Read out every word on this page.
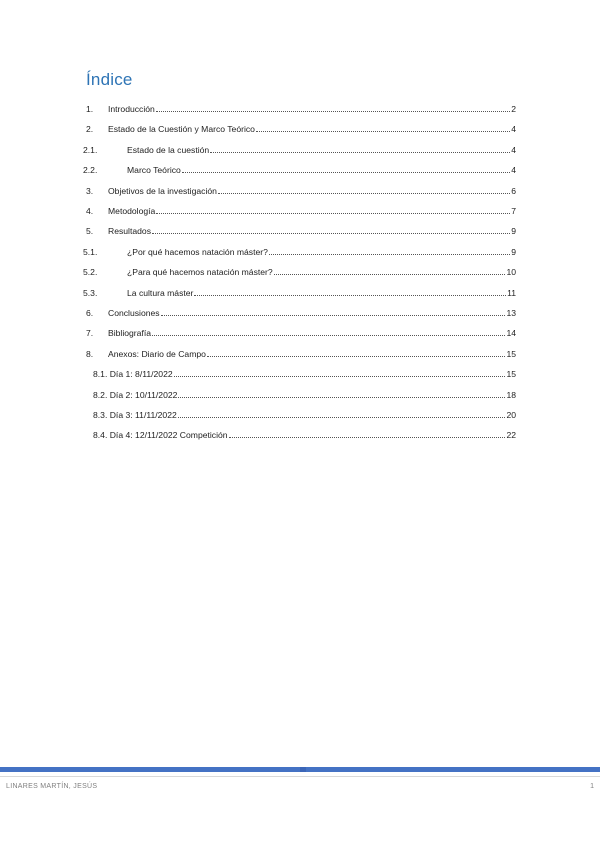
Índice
1.	Introducción	2
2.	Estado de la Cuestión y Marco Teórico	4
2.1.	Estado de la cuestión	4
2.2.	Marco Teórico	4
3.	Objetivos de la investigación	6
4.	Metodología	7
5.	Resultados	9
5.1.	¿Por qué hacemos natación máster?	9
5.2.	¿Para qué hacemos natación máster?	10
5.3.	La cultura máster	11
6.	Conclusiones	13
7.	Bibliografía	14
8.	Anexos: Diario de Campo	15
8.1. Día 1: 8/11/2022	15
8.2. Día 2: 10/11/2022	18
8.3. Día 3: 11/11/2022	20
8.4. Día 4: 12/11/2022 Competición	22
LINARES MARTÍN, JESÚS	1
